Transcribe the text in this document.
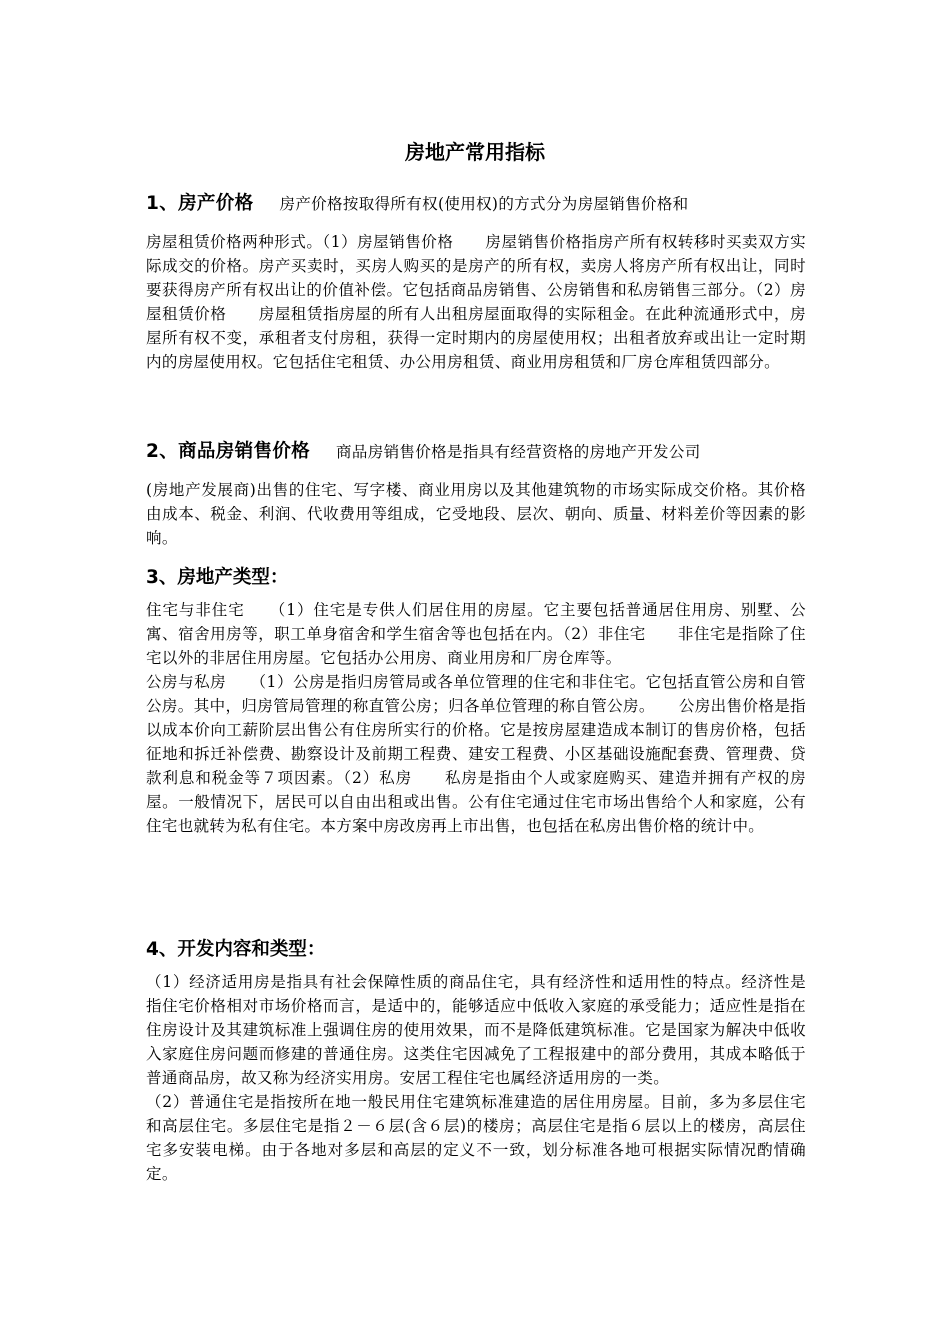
房地产常用指标
1、房产价格 房产价格按取得所有权(使用权)的方式分为房屋销售价格和

房屋租赁价格两种形式。（1）房屋销售价格　　房屋销售价格指房产所有权转移时买卖双方实际成交的价格。房产买卖时，买房人购买的是房产的所有权，卖房人将房产所有权出让，同时要获得房产所有权出让的价值补偿。它包括商品房销售、公房销售和私房销售三部分。（2）房屋租赁价格　　房屋租赁指房屋的所有人出租房屋面取得的实际租金。在此种流通形式中，房屋所有权不变，承租者支付房租，获得一定时期内的房屋使用权；出租者放弃或出让一定时期内的房屋使用权。它包括住宅租赁、办公用房租赁、商业用房租赁和厂房仓库租赁四部分。

2、商品房销售价格 商品房销售价格是指具有经营资格的房地产开发公司

(房地产发展商)出售的住宅、写字楼、商业用房以及其他建筑物的市场实际成交价格。其价格由成本、税金、利润、代收费用等组成，它受地段、层次、朝向、质量、材料差价等因素的影响。

3、房地产类型：

住宅与非住宅　　（1）住宅是专供人们居住用的房屋。它主要包括普通居住用房、别墅、公寓、宿舍用房等，职工单身宿舍和学生宿舍等也包括在内。（2）非住宅　　非住宅是指除了住宅以外的非居住用房屋。它包括办公用房、商业用房和厂房仓库等。

公房与私房　　（1）公房是指归房管局或各单位管理的住宅和非住宅。它包括直管公房和自管公房。其中，归房管局管理的称直管公房；归各单位管理的称自管公房。　　公房出售价格是指以成本价向工薪阶层出售公有住房所实行的价格。它是按房屋建造成本制订的售房价格，包括征地和拆迁补偿费、勘察设计及前期工程费、建安工程费、小区基础设施配套费、管理费、贷款利息和税金等７项因素。（2）私房　　私房是指由个人或家庭购买、建造并拥有产权的房屋。一般情况下，居民可以自由出租或出售。公有住宅通过住宅市场出售给个人和家庭，公有住宅也就转为私有住宅。本方案中房改房再上市出售，也包括在私房出售价格的统计中。

4、开发内容和类型：

（1）经济适用房是指具有社会保障性质的商品住宅，具有经济性和适用性的特点。经济性是指住宅价格相对市场价格而言，是适中的，能够适应中低收入家庭的承受能力；适应性是指在住房设计及其建筑标准上强调住房的使用效果，而不是降低建筑标准。它是国家为解决中低收入家庭住房问题而修建的普通住房。这类住宅因减免了工程报建中的部分费用，其成本略低于普通商品房，故又称为经济实用房。安居工程住宅也属经济适用房的一类。

（2）普通住宅是指按所在地一般民用住宅建筑标准建造的居住用房屋。目前，多为多层住宅和高层住宅。多层住宅是指２－６层(含６层)的楼房；高层住宅是指６层以上的楼房，高层住宅多安装电梯。由于各地对多层和高层的定义不一致，划分标准各地可根据实际情况酌情确定。
